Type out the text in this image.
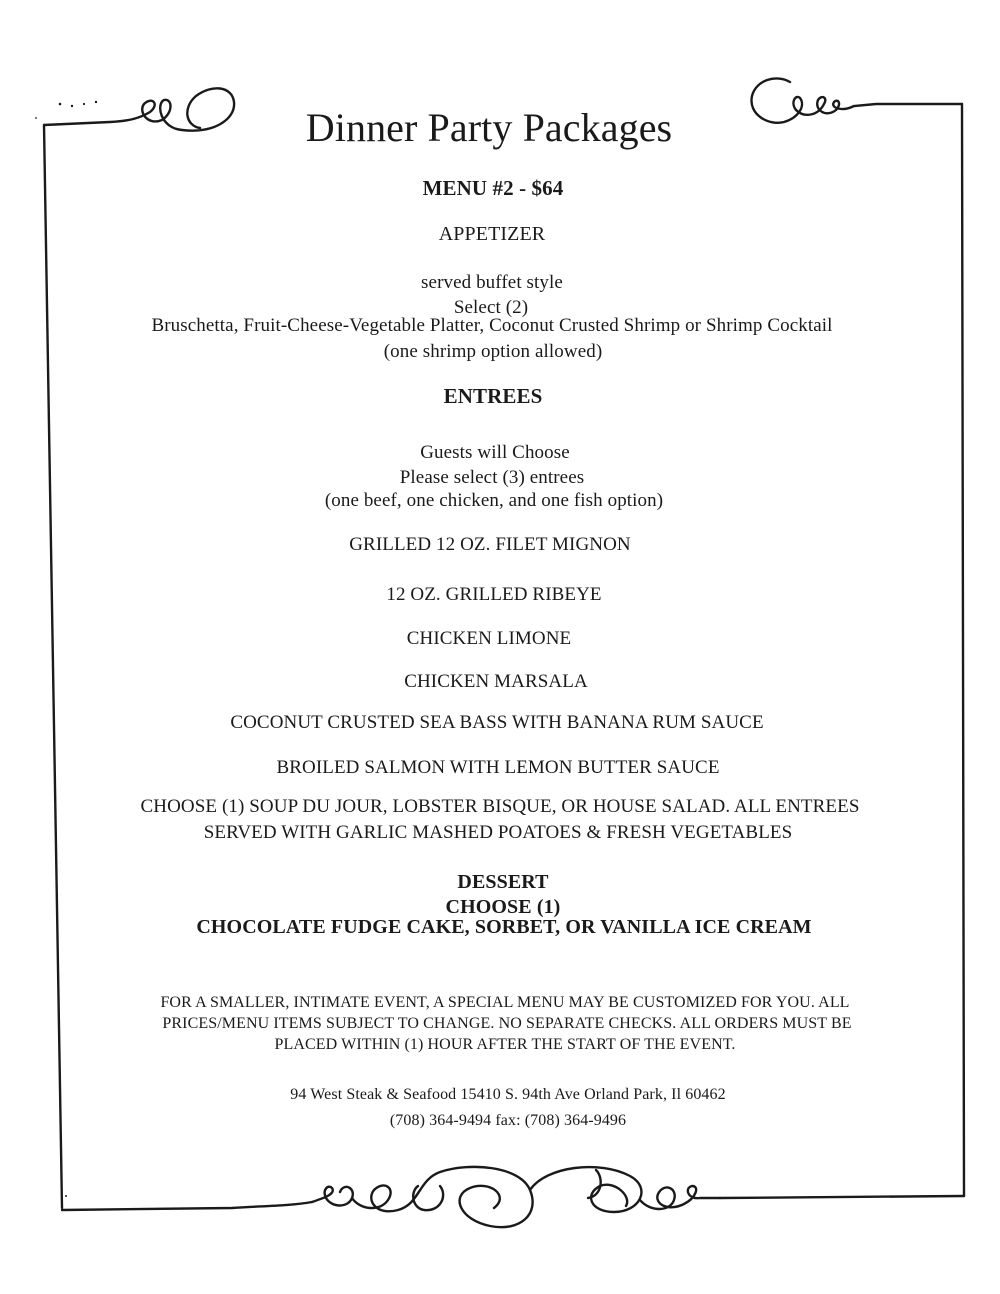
Dinner Party Packages
MENU #2 - $64
APPETIZER
served buffet style
Select (2)
Bruschetta, Fruit-Cheese-Vegetable Platter, Coconut Crusted Shrimp or Shrimp Cocktail
(one shrimp option allowed)
ENTREES
Guests will Choose
Please select (3) entrees
(one beef, one chicken, and one fish option)
GRILLED 12 OZ. FILET MIGNON
12 OZ. GRILLED RIBEYE
CHICKEN LIMONE
CHICKEN MARSALA
COCONUT CRUSTED SEA BASS WITH BANANA RUM SAUCE
BROILED SALMON WITH LEMON BUTTER SAUCE
CHOOSE (1) SOUP DU JOUR, LOBSTER BISQUE, OR HOUSE SALAD. ALL ENTREES
SERVED WITH GARLIC MASHED POATOES & FRESH VEGETABLES
DESSERT
CHOOSE (1)
CHOCOLATE FUDGE CAKE, SORBET, OR VANILLA ICE CREAM
FOR A SMALLER, INTIMATE EVENT, A SPECIAL MENU MAY BE CUSTOMIZED FOR YOU. ALL
PRICES/MENU ITEMS SUBJECT TO CHANGE. NO SEPARATE CHECKS. ALL ORDERS MUST BE
PLACED WITHIN (1) HOUR AFTER THE START OF THE EVENT.
94 West Steak & Seafood 15410 S. 94th Ave Orland Park, Il 60462
(708) 364-9494 fax: (708) 364-9496
